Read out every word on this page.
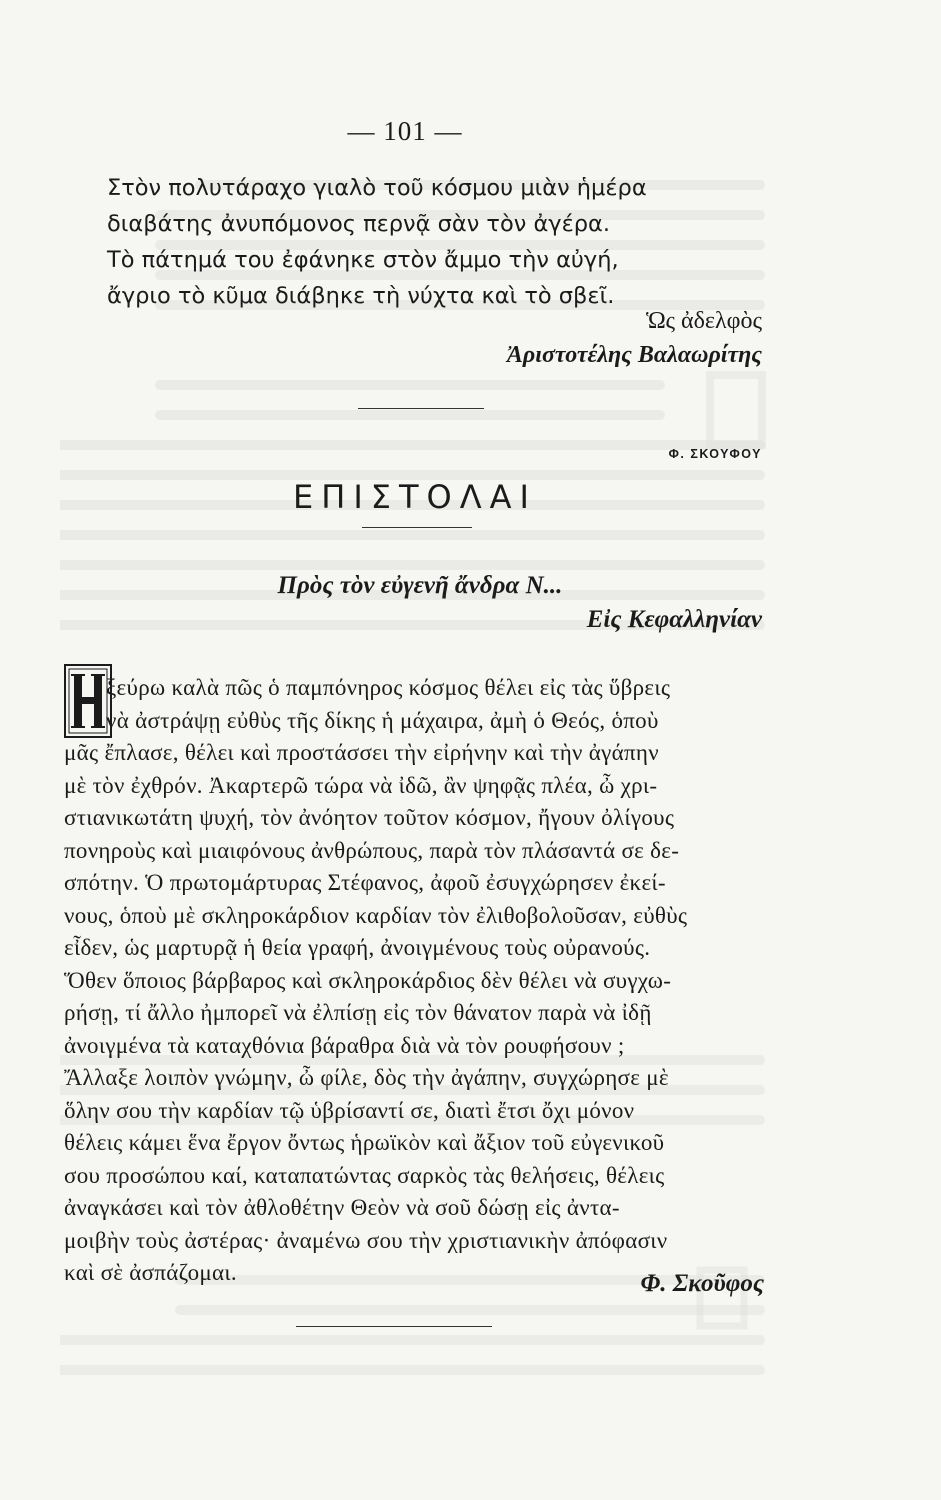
— 101 —
Στὸν πολυτάραχο γιαλὸ τοῦ κόσμου μιὰν ἡμέρα
διαβάτης ἀνυπόμονος περνᾷ σὰν τὸν ἀγέρα.
Τὸ πάτημά του ἐφάνηκε στὸν ἄμμο τὴν αὐγή,
ἄγριο τὸ κῦμα διάβηκε τὴ νύχτα καὶ τὸ σβεῖ.
Ὡς ἀδελφὸς
Ἀριστοτέλης Βαλαωρίτης
Φ. ΣΚΟΥΦΟΥ
ΕΠΙΣΤΟΛΑΙ
Πρὸς τὸν εὐγενῆ ἄνδρα Ν...
Εἰς Κεφαλληνίαν
ξεύρω καλὰ πῶς ὁ παμπόνηρος κόσμος θέλει εἰς τὰς ὕβρεις
νὰ ἀστράψῃ εὐθὺς τῆς δίκης ἡ μάχαιρα, ἀμὴ ὁ Θεός, ὁποὺ
μᾶς ἔπλασε, θέλει καὶ προστάσσει τὴν εἰρήνην καὶ τὴν ἀγάπην
μὲ τὸν ἐχθρόν. Ἀκαρτερῶ τώρα νὰ ἰδῶ, ἂν ψηφᾷς πλέα, ὦ χρι-
στιανικωτάτη ψυχή, τὸν ἀνόητον τοῦτον κόσμον, ἤγουν ὀλίγους
πονηροὺς καὶ μιαιφόνους ἀνθρώπους, παρὰ τὸν πλάσαντά σε δε-
σπότην. Ὁ πρωτομάρτυρας Στέφανος, ἀφοῦ ἐσυγχώρησεν ἐκεί-
νους, ὁποὺ μὲ σκληροκάρδιον καρδίαν τὸν ἐλιθοβολοῦσαν, εὐθὺς
εἶδεν, ὡς μαρτυρᾷ ἡ θεία γραφή, ἀνοιγμένους τοὺς οὐρανούς.
Ὅθεν ὅποιος βάρβαρος καὶ σκληροκάρδιος δὲν θέλει νὰ συγχω-
ρήσῃ, τί ἄλλο ἠμπορεῖ νὰ ἐλπίσῃ εἰς τὸν θάνατον παρὰ νὰ ἰδῇ
ἀνοιγμένα τὰ καταχθόνια βάραθρα διὰ νὰ τὸν ρουφήσουν ;
Ἄλλαξε λοιπὸν γνώμην, ὦ φίλε, δὸς τὴν ἀγάπην, συγχώρησε μὲ
ὅλην σου τὴν καρδίαν τῷ ὑβρίσαντί σε, διατὶ ἔτσι ὄχι μόνον
θέλεις κάμει ἕνα ἔργον ὄντως ἡρωϊκὸν καὶ ἄξιον τοῦ εὐγενικοῦ
σου προσώπου καί, καταπατώντας σαρκὸς τὰς θελήσεις, θέλεις
ἀναγκάσει καὶ τὸν ἀθλοθέτην Θεὸν νὰ σοῦ δώσῃ εἰς ἀντα-
μοιβὴν τοὺς ἀστέρας· ἀναμένω σου τὴν χριστιανικὴν ἀπόφασιν
καὶ σὲ ἀσπάζομαι.	Φ. Σκοῦφος
